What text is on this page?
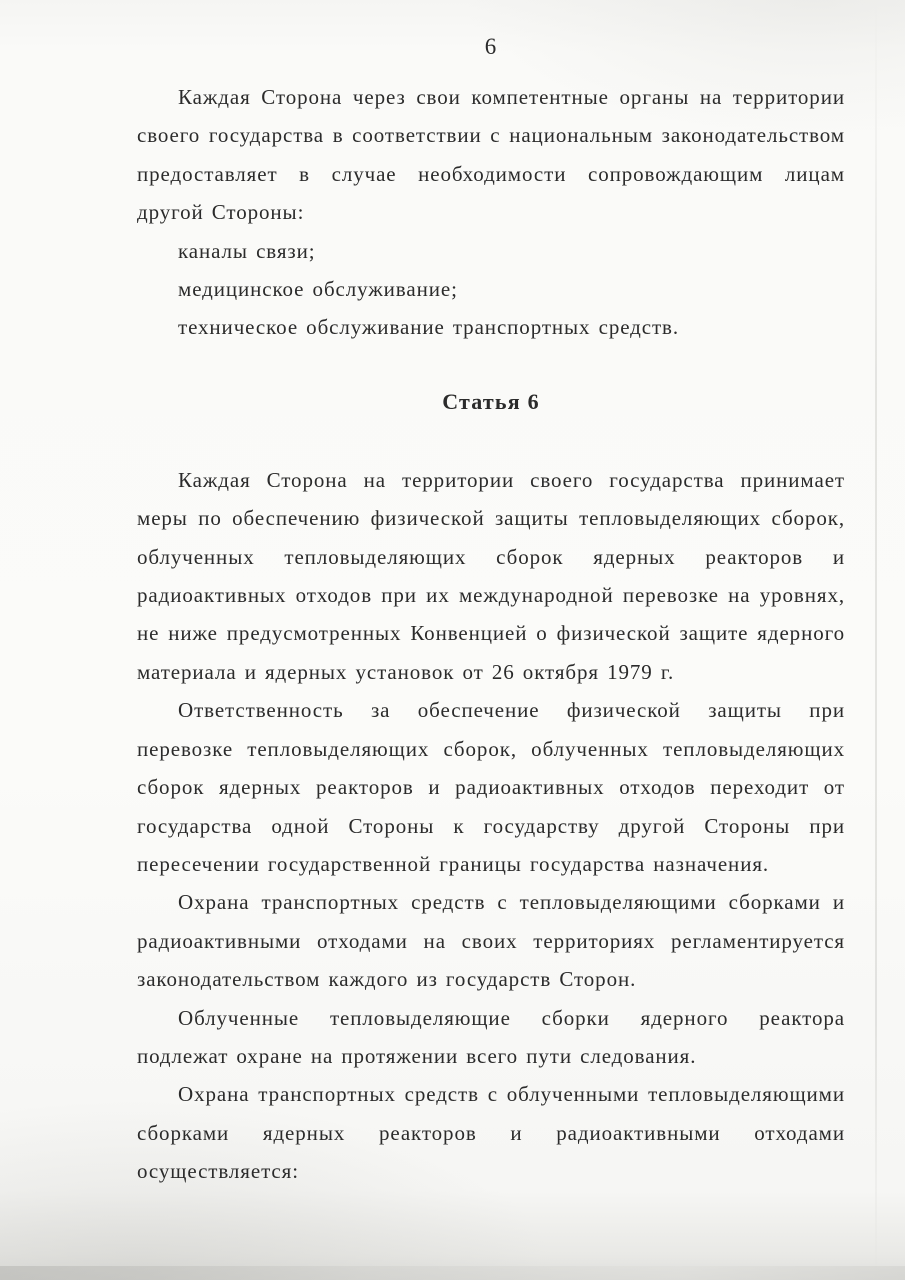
6

Каждая Сторона через свои компетентные органы на территории своего государства в соответствии с национальным законодательством предоставляет в случае необходимости сопровождающим лицам другой Стороны:

каналы связи;
медицинское обслуживание;
техническое обслуживание транспортных средств.
Статья 6

Каждая Сторона на территории своего государства принимает меры по обеспечению физической защиты тепловыделяющих сборок, облученных тепловыделяющих сборок ядерных реакторов и радиоактивных отходов при их международной перевозке на уровнях, не ниже предусмотренных Конвенцией о физической защите ядерного материала и ядерных установок от 26 октября 1979 г.

Ответственность за обеспечение физической защиты при перевозке тепловыделяющих сборок, облученных тепловыделяющих сборок ядерных реакторов и радиоактивных отходов переходит от государства одной Стороны к государству другой Стороны при пересечении государственной границы государства назначения.

Охрана транспортных средств с тепловыделяющими сборками и радиоактивными отходами на своих территориях регламентируется законодательством каждого из государств Сторон.

Облученные тепловыделяющие сборки ядерного реактора подлежат охране на протяжении всего пути следования.

Охрана транспортных средств с облученными тепловыделяющими сборками ядерных реакторов и радиоактивными отходами осуществляется:
